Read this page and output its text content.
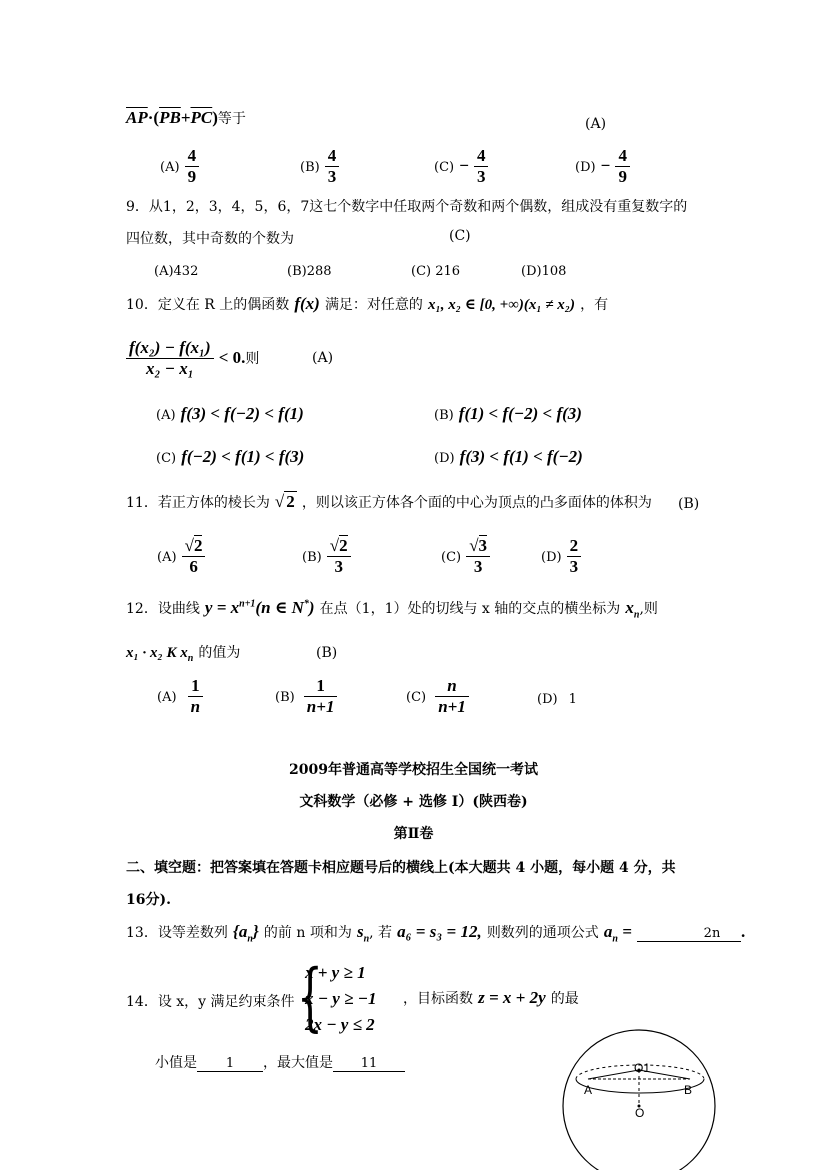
$\overline{AP}\cdot(\overline{PB}+\overline{PC})$等于	(A)
$(A) \frac{4}{9}$	$(B) \frac{4}{3}$	$(C) - \frac{4}{3}$	$(D) - \frac{4}{9}$
9．从1，2，3，4，5，6，7这七个数字中任取两个奇数和两个偶数，组成没有重复数字的
四位数，其中奇数的个数为	(C)
(A)432	(B)288	(C) 216	(D)108
10．定义在 R 上的偶函数 f(x) 满足：对任意的 x₁, x₂ ∈ [0, +∞)(x₁ ≠ x₂) ，有
$\frac{\text{f(x₂) − f(x₁)}}{\text{x₂ − x₁}} < 0$.则	(A)
(A) f(3) < f(−2) < f(1)	(B) f(1) < f(−2) < f(3)
(C) f(−2) < f(1) < f(3)	(D) f(3) < f(1) < f(−2)
11．若正方体的棱长为 √ 2 ，则以该正方体各个面的中心为顶点的凸多面体的体积为 (B)
$(A) \frac{√2}{6}$	$(B) \frac{√2}{3}$	$(C) \frac{√3}{3}$	$(D) \frac{2}{3}$
12．设曲线 $y = x^{n+1}(n$ ∈ N*) 在点（1，1）处的切线与 x 轴的交点的横坐标为 $x_n$,则
x₁ · x₂ K $x_n$ 的值为	(B)
$(A) \frac{1}{n}$	$(B) \frac{1}{n+1}$	$(C) \frac{n}{n+1}$	(D) 1
2009年普通高等学校招生全国统一考试
文科数学（必修 + 选修 Ⅰ）(陕西卷)
第Ⅱ卷
二、填空题：把答案填在答题卡相应题号后的横线上(本大题共 4 小题，每小题 4 分，共
16分).
13．设等差数列 $\{a_n\}$ 的前 n 项和为 $s_n$, 若 a₆ = s₃ = 12, 则数列的通项公式 $a_n$ =	2n .
14．设 x，y 满足约束条件 {
x + y ≥ 1
x − y ≥ −1
2x − y ≤ 2
，目标函数 z = x + 2y 的最
小值是 1 ，最大值是 11	O1
A	B
O
